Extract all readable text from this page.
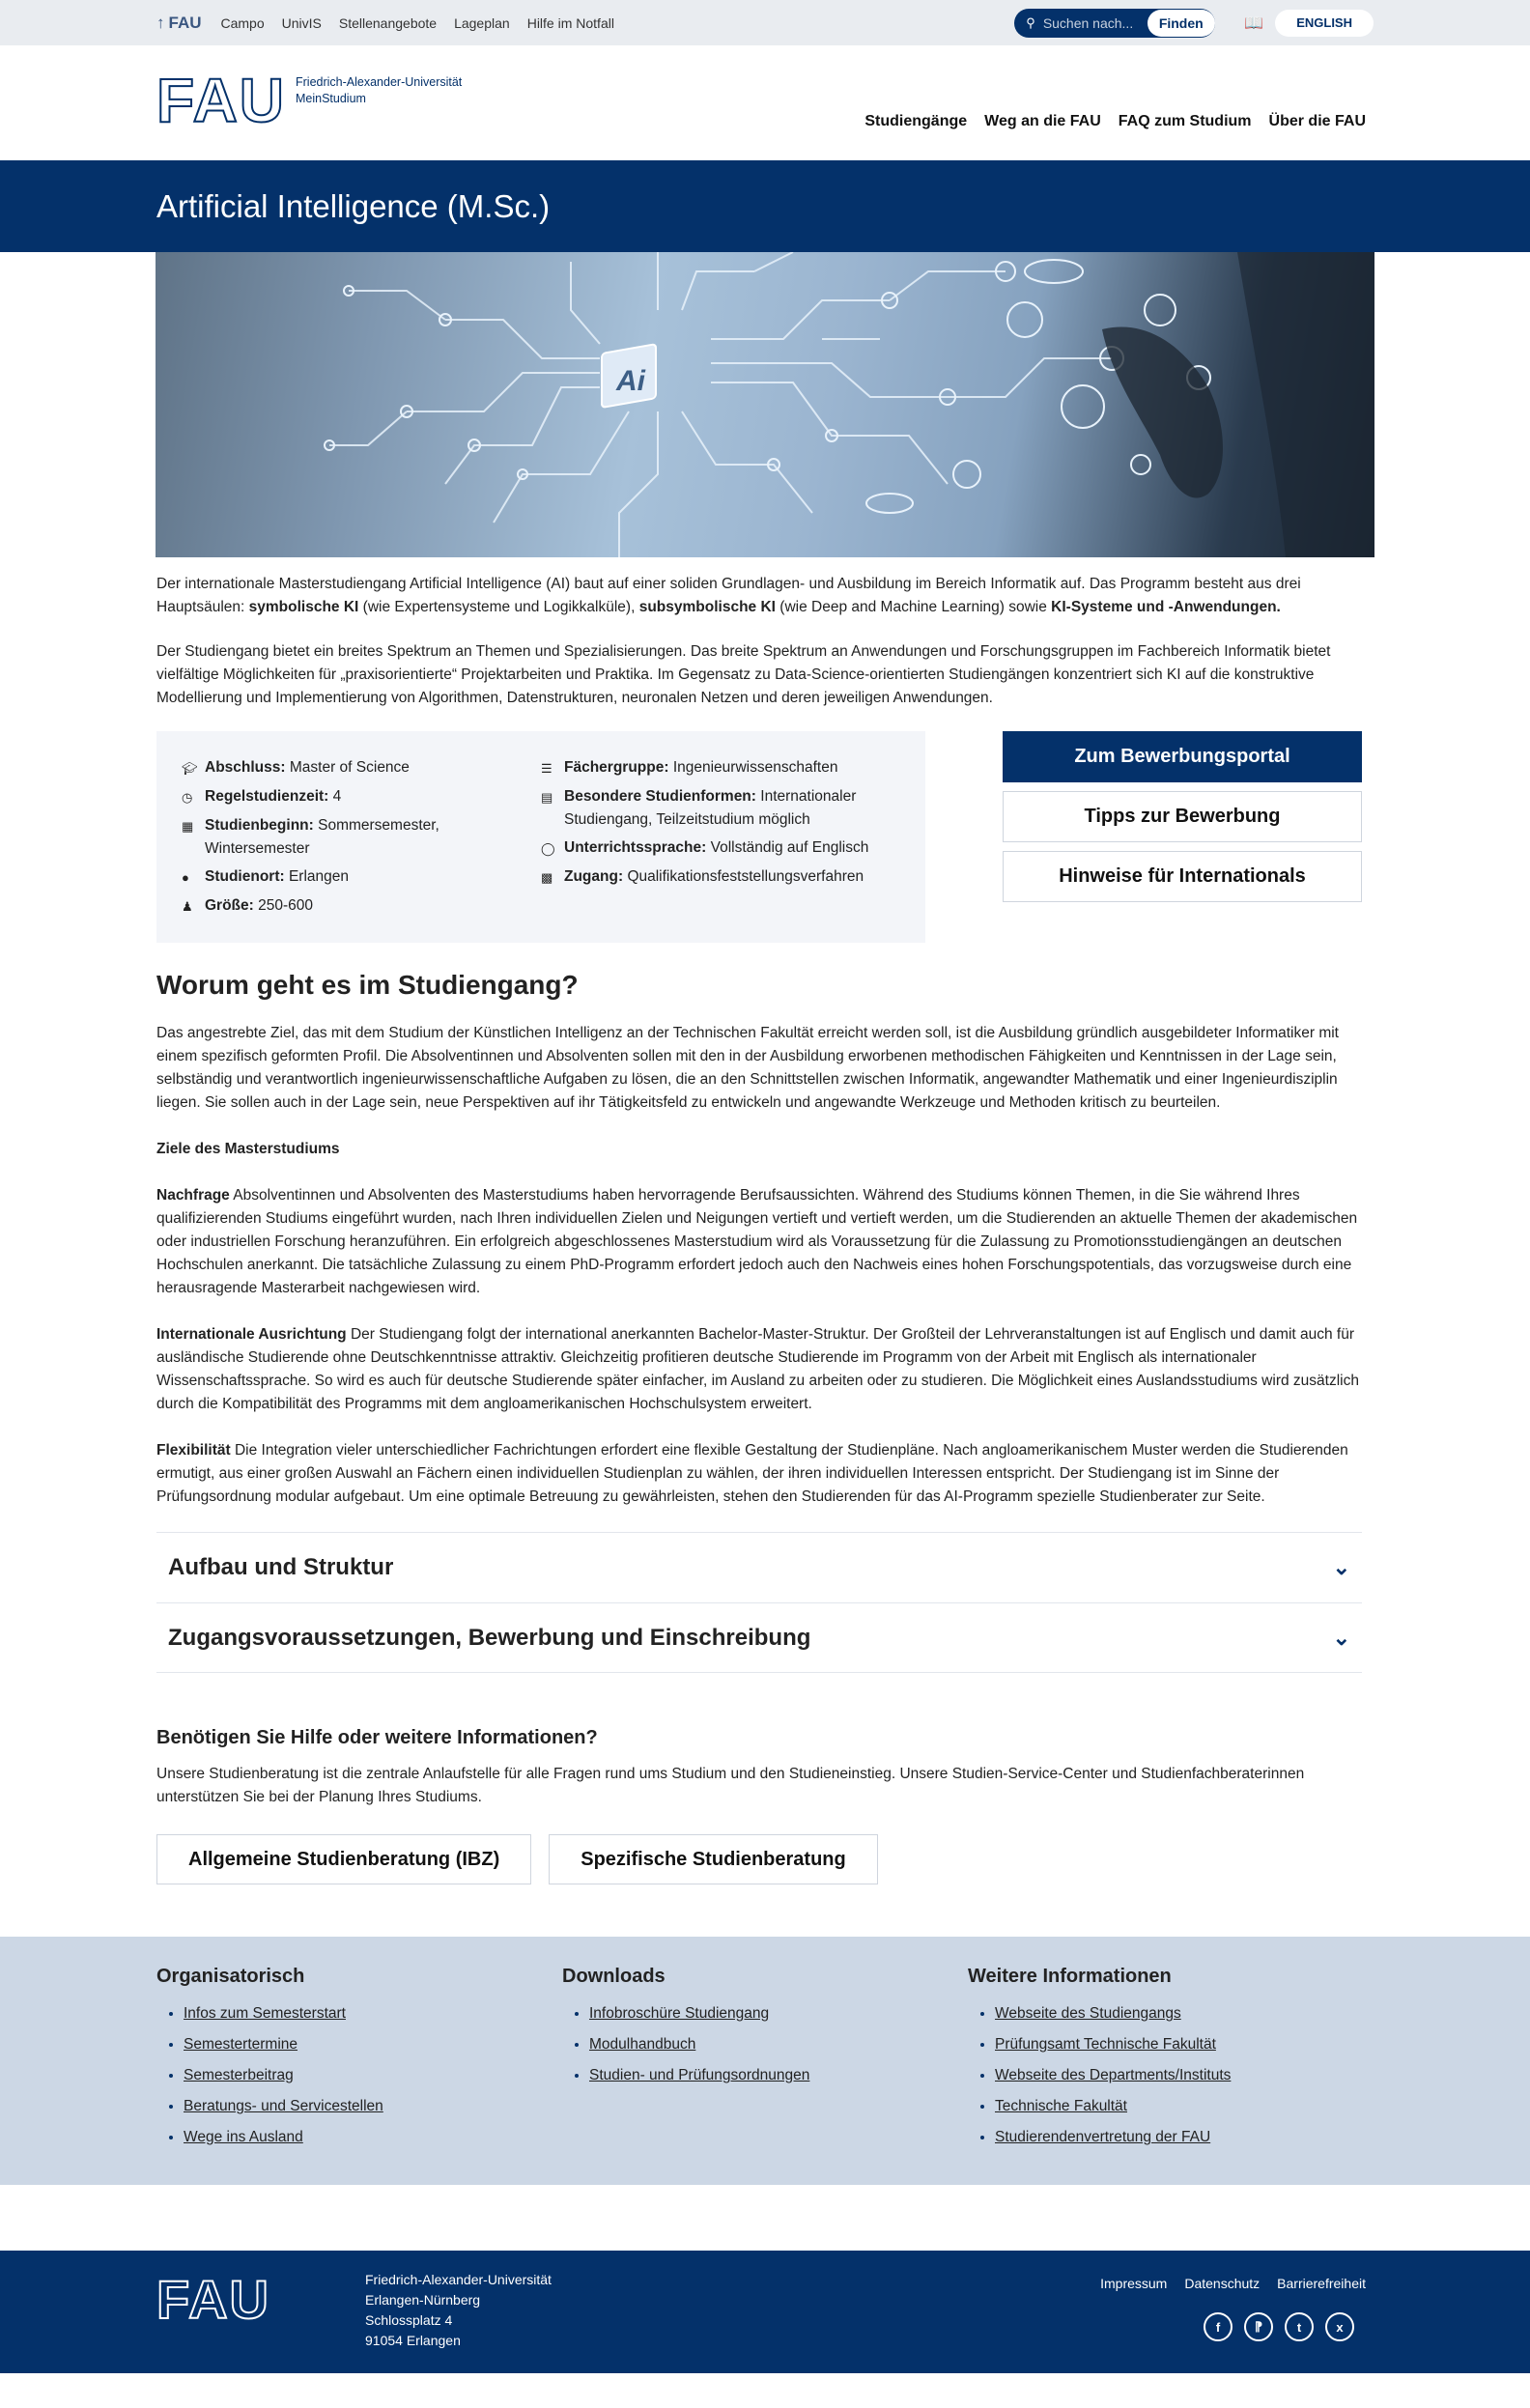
↑ FAU Campo UnivIS Stellenangebote Lageplan Hilfe im Notfall	⚲
Suchen nach...	Finden	📖	ENGLISH
FAU Friedrich-Alexander-Universität
MeinStudium
Studiengänge Weg an die FAU FAQ zum Studium Über die FAU
Artificial Intelligence (M.Sc.)
Ai

Der internationale Masterstudiengang Artificial Intelligence (AI) baut auf einer soliden Grundlagen- und Ausbildung im Bereich Informatik auf. Das Programm besteht aus drei Hauptsäulen: symbolische KI (wie Expertensysteme und Logikkalküle), subsymbolische KI (wie Deep and Machine Learning) sowie KI-Systeme und -Anwendungen.

Der Studiengang bietet ein breites Spektrum an Themen und Spezialisierungen. Das breite Spektrum an Anwendungen und Forschungsgruppen im Fachbereich Informatik bietet vielfältige Möglichkeiten für „praxisorientierte“ Projektarbeiten und Praktika. Im Gegensatz zu Data-Science-orientierten Studiengängen konzentriert sich KI auf die konstruktive Modellierung und Implementierung von Algorithmen, Datenstrukturen, neuronalen Netzen und deren jeweiligen Anwendungen.

🎓︎ Abschluss: Master of Science
◷ Regelstudienzeit: 4
▦ Studienbeginn: Sommersemester, Wintersemester
●	Studienort: Erlangen
♟ Größe: 250-600
☰ Fächergruppe: Ingenieurwissenschaften
▤ Besondere Studienformen: Internationaler Studiengang, Teilzeitstudium möglich
◯ Unterrichtssprache: Vollständig auf Englisch
▩ Zugang: Qualifikationsfeststellungsverfahren
Zum Bewerbungsportal
Tipps zur Bewerbung
Hinweise für Internationals
Worum geht es im Studiengang?

Das angestrebte Ziel, das mit dem Studium der Künstlichen Intelligenz an der Technischen Fakultät erreicht werden soll, ist die Ausbildung gründlich ausgebildeter Informatiker mit einem spezifisch geformten Profil. Die Absolventinnen und Absolventen sollen mit den in der Ausbildung erworbenen methodischen Fähigkeiten und Kenntnissen in der Lage sein, selbständig und verantwortlich ingenieurwissenschaftliche Aufgaben zu lösen, die an den Schnittstellen zwischen Informatik, angewandter Mathematik und einer Ingenieurdisziplin liegen. Sie sollen auch in der Lage sein, neue Perspektiven auf ihr Tätigkeitsfeld zu entwickeln und angewandte Werkzeuge und Methoden kritisch zu beurteilen.

Ziele des Masterstudiums

Nachfrage Absolventinnen und Absolventen des Masterstudiums haben hervorragende Berufsaussichten. Während des Studiums können Themen, in die Sie während Ihres qualifizierenden Studiums eingeführt wurden, nach Ihren individuellen Zielen und Neigungen vertieft und vertieft werden, um die Studierenden an aktuelle Themen der akademischen oder industriellen Forschung heranzuführen. Ein erfolgreich abgeschlossenes Masterstudium wird als Voraussetzung für die Zulassung zu Promotionsstudiengängen an deutschen Hochschulen anerkannt. Die tatsächliche Zulassung zu einem PhD-Programm erfordert jedoch auch den Nachweis eines hohen Forschungspotentials, das vorzugsweise durch eine herausragende Masterarbeit nachgewiesen wird.

Internationale Ausrichtung Der Studiengang folgt der international anerkannten Bachelor-Master-Struktur. Der Großteil der Lehrveranstaltungen ist auf Englisch und damit auch für ausländische Studierende ohne Deutschkenntnisse attraktiv. Gleichzeitig profitieren deutsche Studierende im Programm von der Arbeit mit Englisch als internationaler Wissenschaftssprache. So wird es auch für deutsche Studierende später einfacher, im Ausland zu arbeiten oder zu studieren. Die Möglichkeit eines Auslandsstudiums wird zusätzlich durch die Kompatibilität des Programms mit dem angloamerikanischen Hochschulsystem erweitert.

Flexibilität Die Integration vieler unterschiedlicher Fachrichtungen erfordert eine flexible Gestaltung der Studienpläne. Nach angloamerikanischem Muster werden die Studierenden ermutigt, aus einer großen Auswahl an Fächern einen individuellen Studienplan zu wählen, der ihren individuellen Interessen entspricht. Der Studiengang ist im Sinne der Prüfungsordnung modular aufgebaut. Um eine optimale Betreuung zu gewährleisten, stehen den Studierenden für das AI-Programm spezielle Studienberater zur Seite.

Aufbau und Struktur	⌄
Zugangsvoraussetzungen, Bewerbung und Einschreibung	⌄
Benötigen Sie Hilfe oder weitere Informationen?

Unsere Studienberatung ist die zentrale Anlaufstelle für alle Fragen rund ums Studium und den Studieneinstieg. Unsere Studien-Service-Center und Studienfachberaterinnen unterstützen Sie bei der Planung Ihres Studiums.

Allgemeine Studienberatung (IBZ)	Spezifische Studienberatung
Organisatorisch
• Infos zum Semesterstart
• Semestertermine
• Semesterbeitrag
• Beratungs- und Servicestellen
• Wege ins Ausland
Downloads
• Infobroschüre Studiengang
• Modulhandbuch
• Studien- und Prüfungsordnungen
Weitere Informationen
• Webseite des Studiengangs
• Prüfungsamt Technische Fakultät
• Webseite des Departments/Instituts
• Technische Fakultät
• Studierendenvertretung der FAU
FAU	Friedrich-Alexander-Universität
Erlangen-Nürnberg
Schlossplatz 4
91054 Erlangen
Impressum Datenschutz Barrierefreiheit
f	⁋	t	x
